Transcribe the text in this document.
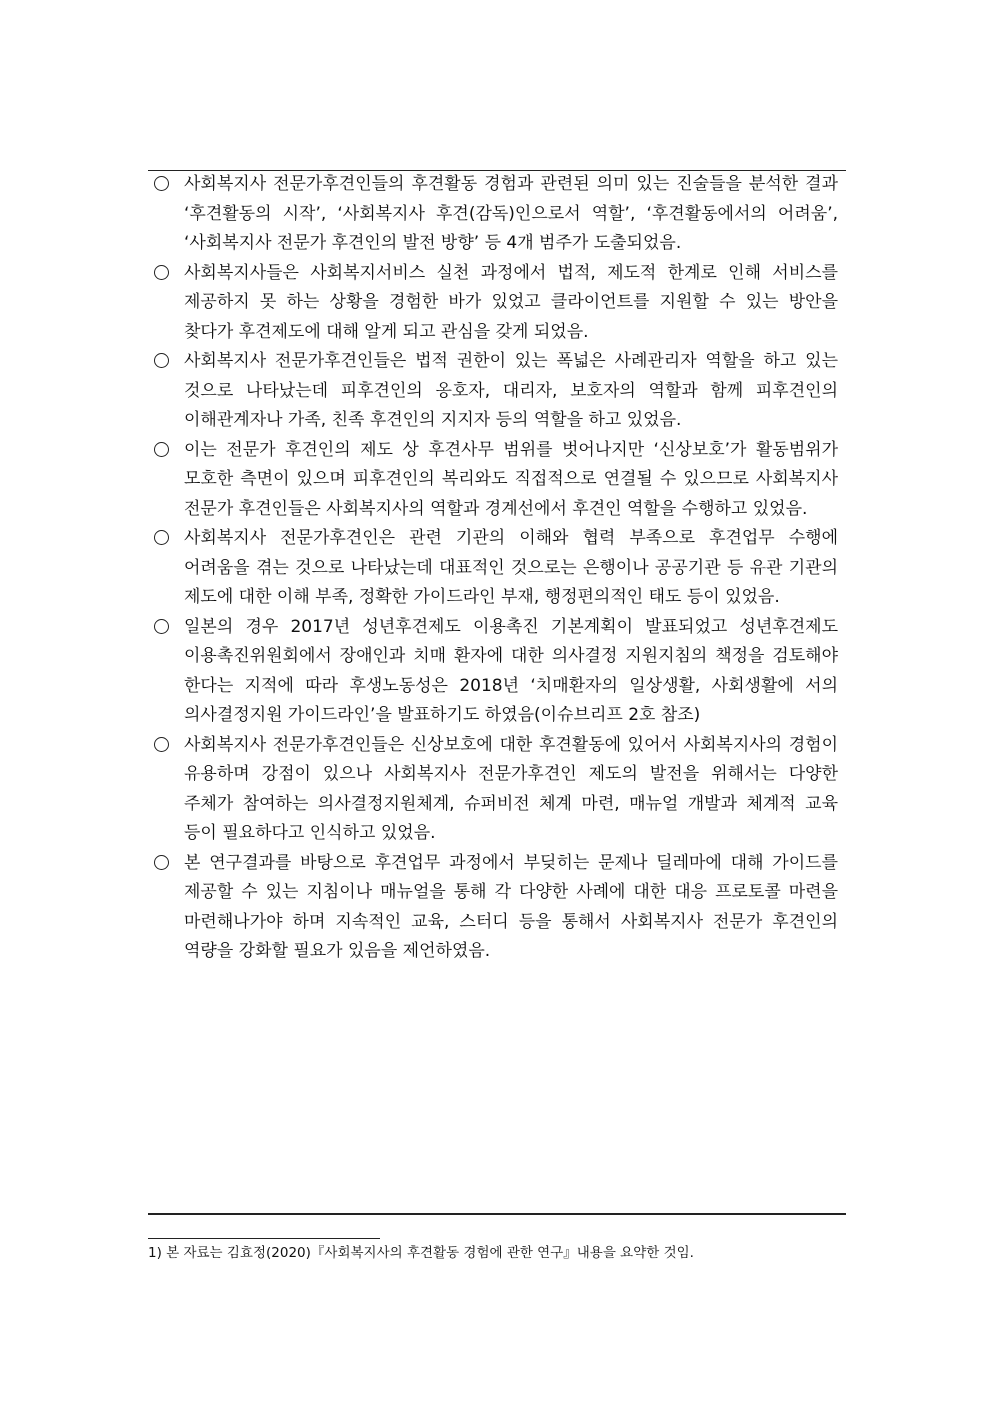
사회복지사 전문가후견인들의 후견활동 경험과 관련된 의미 있는 진술들을 분석한 결과 ‘후견활동의 시작’, ‘사회복지사 후견(감독)인으로서 역할’, ‘후견활동에서의 어려움’, ‘사회복지사 전문가 후견인의 발전 방향’ 등 4개 범주가 도출되었음.
사회복지사들은 사회복지서비스 실천 과정에서 법적, 제도적 한계로 인해 서비스를 제공하지 못 하는 상황을 경험한 바가 있었고 클라이언트를 지원할 수 있는 방안을 찾다가 후견제도에 대해 알게 되고 관심을 갖게 되었음.
사회복지사 전문가후견인들은 법적 권한이 있는 폭넓은 사례관리자 역할을 하고 있는 것으로 나타났는데 피후견인의 옹호자, 대리자, 보호자의 역할과 함께 피후견인의 이해관계자나 가족, 친족 후견인의 지지자 등의 역할을 하고 있었음.
이는 전문가 후견인의 제도 상 후견사무 범위를 벗어나지만 ‘신상보호’가 활동범위가 모호한 측면이 있으며 피후견인의 복리와도 직접적으로 연결될 수 있으므로 사회복지사 전문가 후견인들은 사회복지사의 역할과 경계선에서 후견인 역할을 수행하고 있었음.
사회복지사 전문가후견인은 관련 기관의 이해와 협력 부족으로 후견업무 수행에 어려움을 겪는 것으로 나타났는데 대표적인 것으로는 은행이나 공공기관 등 유관 기관의 제도에 대한 이해 부족, 정확한 가이드라인 부재, 행정편의적인 태도 등이 있었음.
일본의 경우 2017년 성년후견제도 이용촉진 기본계획이 발표되었고 성년후견제도 이용촉진위원회에서 장애인과 치매 환자에 대한 의사결정 지원지침의 책정을 검토해야 한다는 지적에 따라 후생노동성은 2018년 ‘치매환자의 일상생활, 사회생활에 서의 의사결정지원 가이드라인’을 발표하기도 하였음(이슈브리프 2호 참조)
사회복지사 전문가후견인들은 신상보호에 대한 후견활동에 있어서 사회복지사의 경험이 유용하며 강점이 있으나 사회복지사 전문가후견인 제도의 발전을 위해서는 다양한 주체가 참여하는 의사결정지원체계, 슈퍼비전 체계 마련, 매뉴얼 개발과 체계적 교육 등이 필요하다고 인식하고 있었음.
본 연구결과를 바탕으로 후견업무 과정에서 부딪히는 문제나 딜레마에 대해 가이드를 제공할 수 있는 지침이나 매뉴얼을 통해 각 다양한 사례에 대한 대응 프로토콜 마련을 마련해나가야 하며 지속적인 교육, 스터디 등을 통해서 사회복지사 전문가 후견인의 역량을 강화할 필요가 있음을 제언하였음.
1) 본 자료는 김효정(2020)『사회복지사의 후견활동 경험에 관한 연구』내용을 요약한 것임.
